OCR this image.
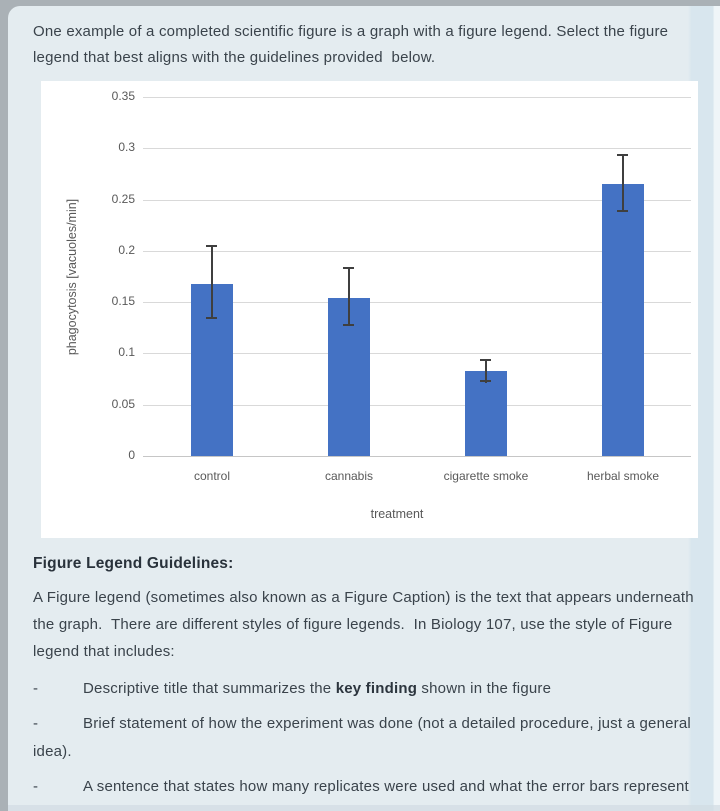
One example of a completed scientific figure is a graph with a figure legend. Select the figure legend that best aligns with the guidelines provided  below.

0
0.05
0.1
0.15
0.2
0.25
0.3
0.35
control	cannabis	cigarette smoke	herbal smoke
treatment
phagocytosis [vacuoles/min]
Figure Legend Guidelines:

A Figure legend (sometimes also known as a Figure Caption) is the text that appears underneath the graph.  There are different styles of figure legends.  In Biology 107, use the style of Figure legend that includes:

-	Descriptive title that summarizes the key finding shown in the figure

-	Brief statement of how the experiment was done (not a detailed procedure, just a general idea).

-	A sentence that states how many replicates were used and what the error bars represent
